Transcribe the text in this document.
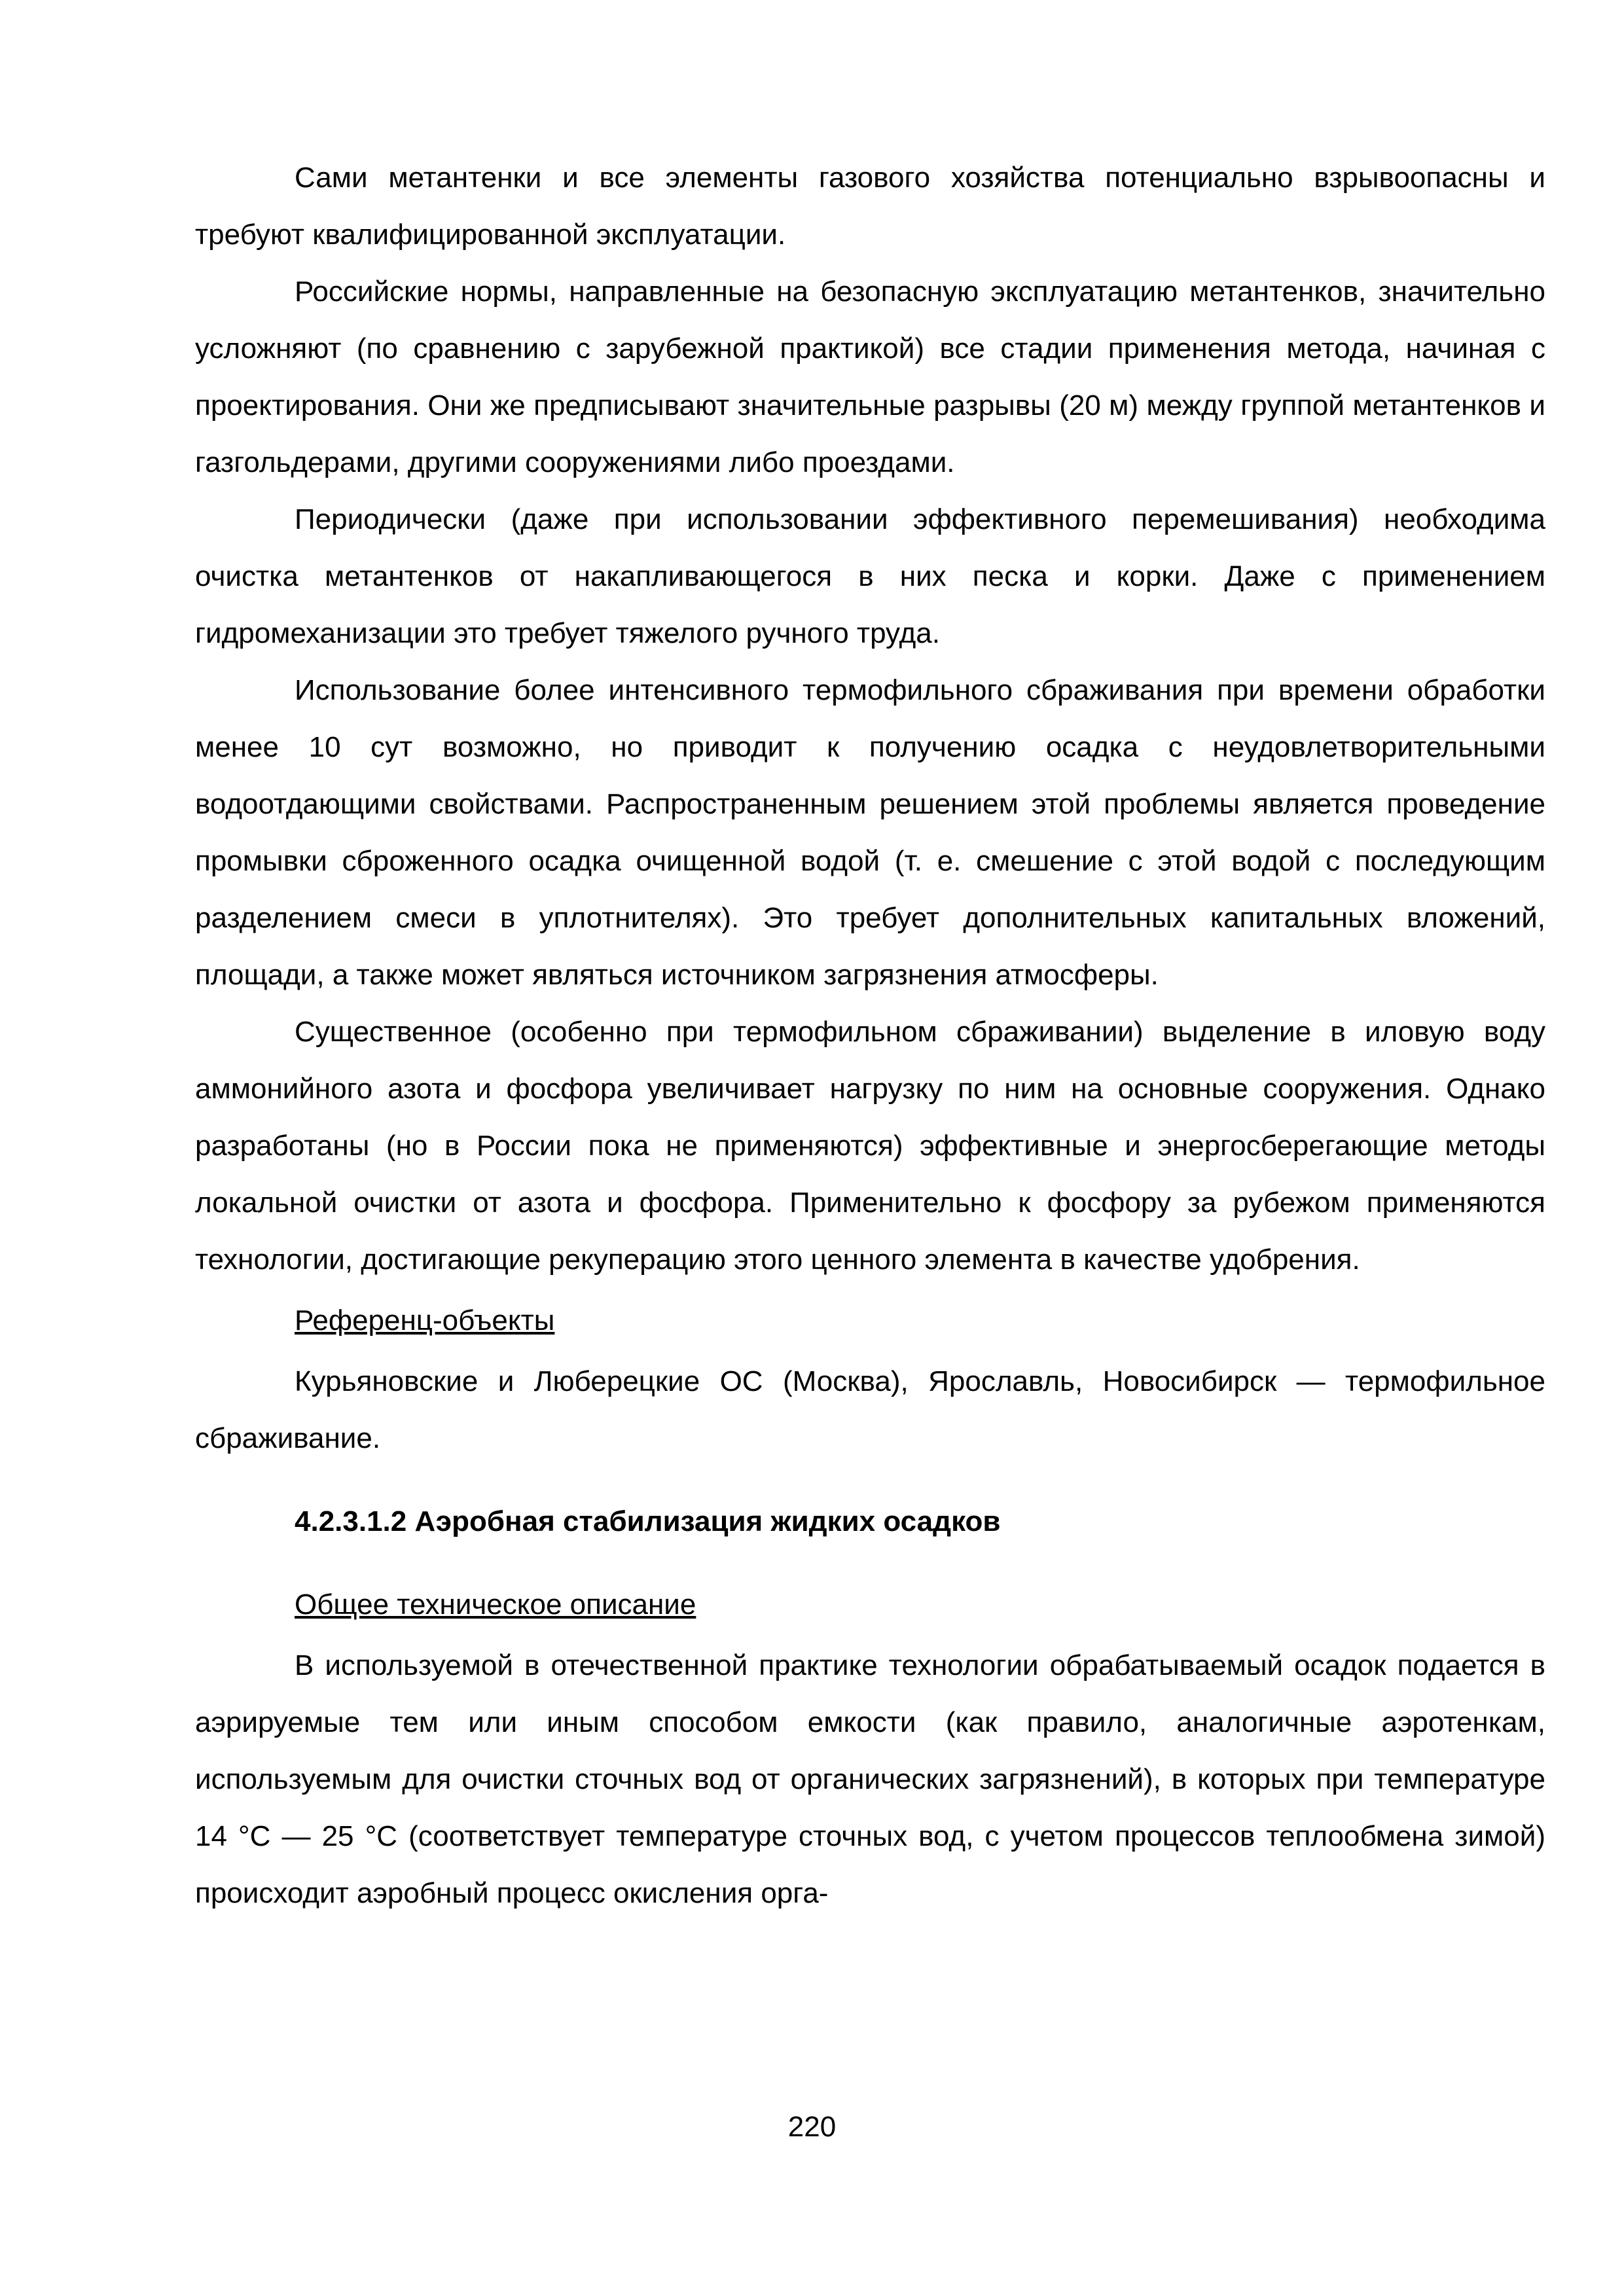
Сами метантенки и все элементы газового хозяйства потенциально взрывоопасны и требуют квалифицированной эксплуатации.

Российские нормы, направленные на безопасную эксплуатацию метантенков, значительно усложняют (по сравнению с зарубежной практикой) все стадии применения метода, начиная с проектирования. Они же предписывают значительные разрывы (20 м) между группой метантенков и газгольдерами, другими сооружениями либо проездами.

Периодически (даже при использовании эффективного перемешивания) необходима очистка метантенков от накапливающегося в них песка и корки. Даже с применением гидромеханизации это требует тяжелого ручного труда.

Использование более интенсивного термофильного сбраживания при времени обработки менее 10 сут возможно, но приводит к получению осадка с неудовлетворительными водоотдающими свойствами. Распространенным решением этой проблемы является проведение промывки сброженного осадка очищенной водой (т. е. смешение с этой водой с последующим разделением смеси в уплотнителях). Это требует дополнительных капитальных вложений, площади, а также может являться источником загрязнения атмосферы.

Существенное (особенно при термофильном сбраживании) выделение в иловую воду аммонийного азота и фосфора увеличивает нагрузку по ним на основные сооружения. Однако разработаны (но в России пока не применяются) эффективные и энергосберегающие методы локальной очистки от азота и фосфора. Применительно к фосфору за рубежом применяются технологии, достигающие рекуперацию этого ценного элемента в качестве удобрения.

Референц-объекты

Курьяновские и Люберецкие ОС (Москва), Ярославль, Новосибирск — термофильное сбраживание.

4.2.3.1.2 Аэробная стабилизация жидких осадков

Общее техническое описание

В используемой в отечественной практике технологии обрабатываемый осадок подается в аэрируемые тем или иным способом емкости (как правило, аналогичные аэротенкам, используемым для очистки сточных вод от органических загрязнений), в которых при температуре 14 °С — 25 °С (соответствует температуре сточных вод, с учетом процессов теплообмена зимой) происходит аэробный процесс окисления орга-

220
